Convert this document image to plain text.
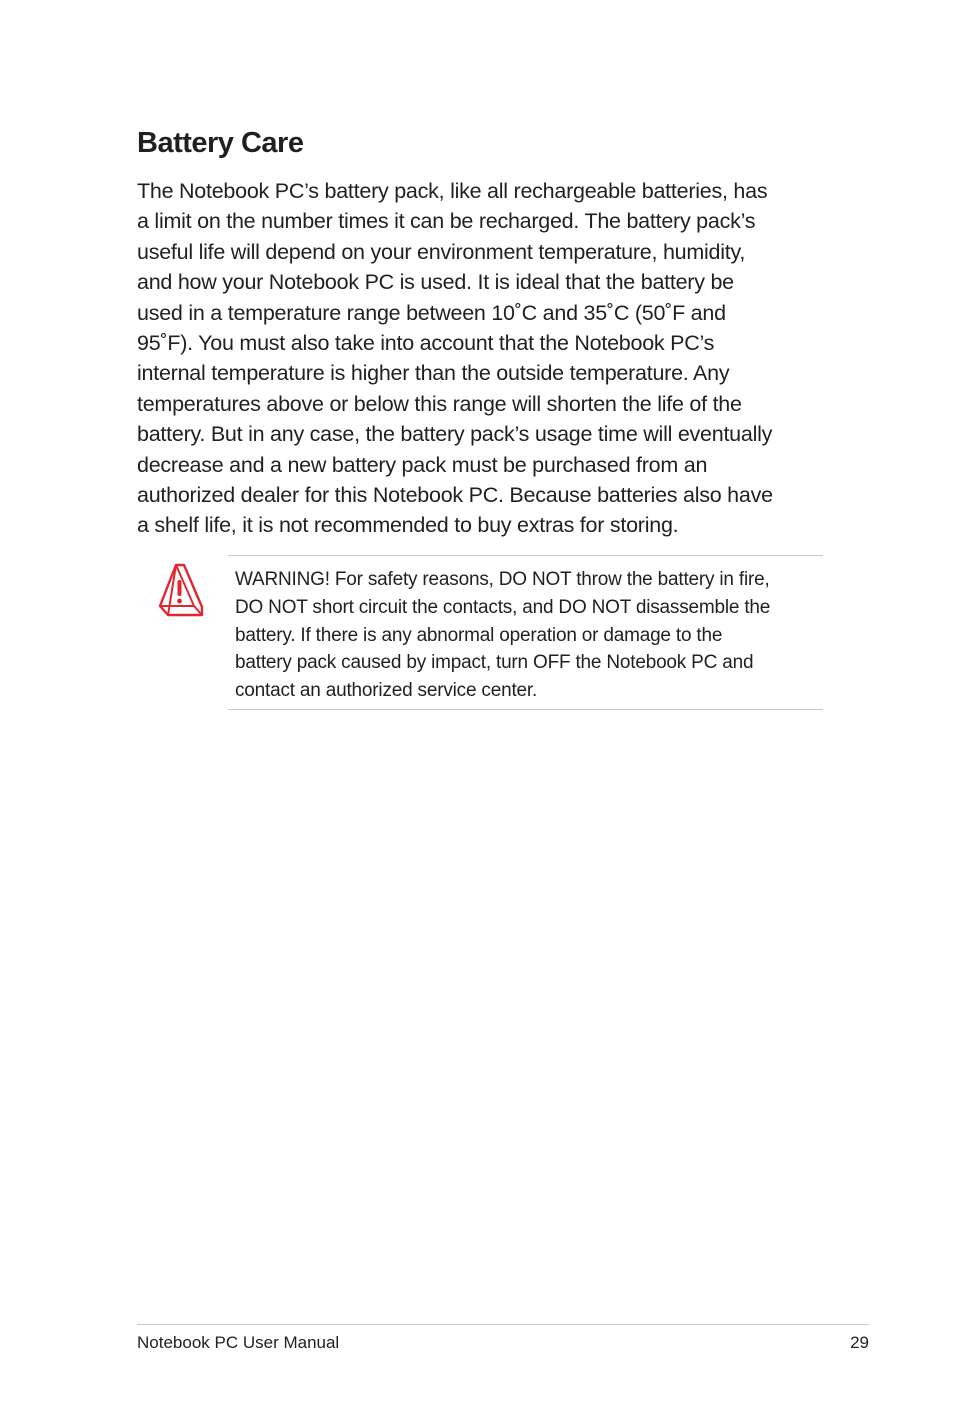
Battery Care
The Notebook PC’s battery pack, like all rechargeable batteries, has
a limit on the number times it can be recharged. The battery pack’s
useful life will depend on your environment temperature, humidity,
and how your Notebook PC is used. It is ideal that the battery be
used in a temperature range between 10˚C and 35˚C (50˚F and
95˚F). You must also take into account that the Notebook PC’s
internal temperature is higher than the outside temperature. Any
temperatures above or below this range will shorten the life of the
battery. But in any case, the battery pack’s usage time will eventually
decrease and a new battery pack must be purchased from an
authorized dealer for this Notebook PC. Because batteries also have
a shelf life, it is not recommended to buy extras for storing.
WARNING! For safety reasons, DO NOT throw the battery in fire,
DO NOT short circuit the contacts, and DO NOT disassemble the
battery. If there is any abnormal operation or damage to the
battery pack caused by impact, turn OFF the Notebook PC and
contact an authorized service center.
Notebook PC User Manual	29
